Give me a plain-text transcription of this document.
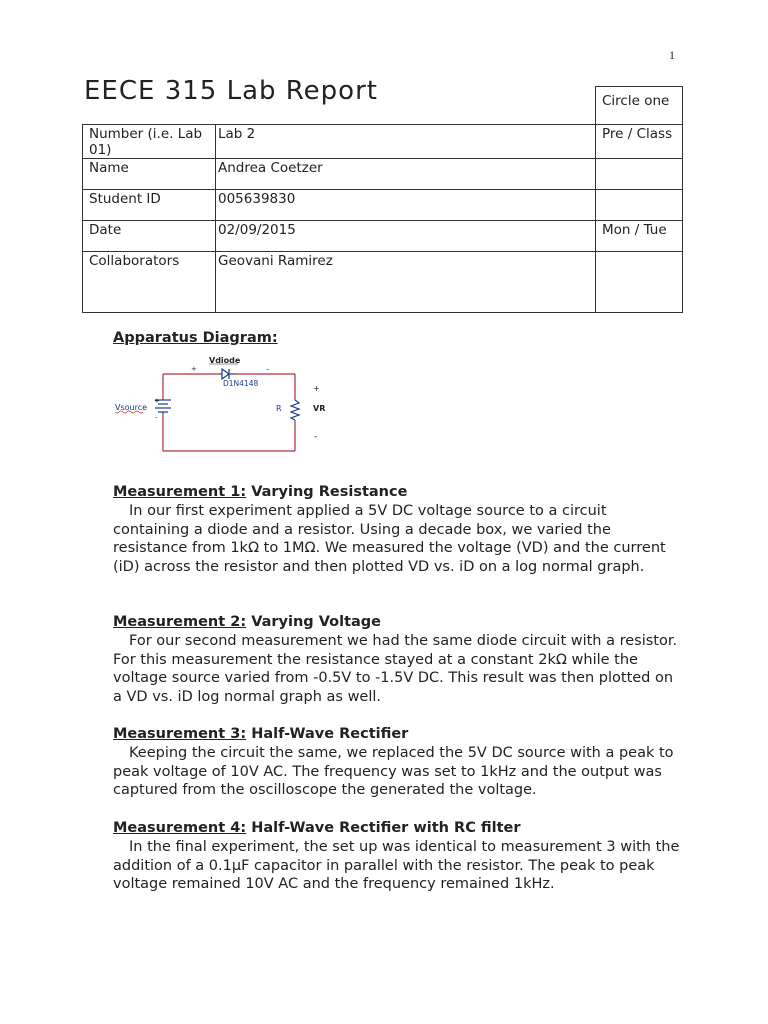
1
EECE 315 Lab Report
			Circle one
Number (i.e. Lab 01)	Lab 2	Pre / Class
Name	Andrea Coetzer	
Student ID	005639830	
Date	02/09/2015	Mon / Tue
Collaborators	Geovani Ramirez	
Apparatus Diagram:
Vdiode
+	–
D1N4148
Vsource
+
-
R
+
VR
-
Measurement 1: Varying Resistance
In our first experiment applied a 5V DC voltage source to a circuit containing a diode and a resistor. Using a decade box, we varied the resistance from 1kΩ to 1MΩ. We measured the voltage (VD) and the current (iD) across the resistor and then plotted VD vs. iD on a log normal graph.
Measurement 2: Varying Voltage
For our second measurement we had the same diode circuit with a resistor. For this measurement the resistance stayed at a constant 2kΩ while the voltage source varied from -0.5V to -1.5V DC. This result was then plotted on a VD vs. iD log normal graph as well.
Measurement 3: Half-Wave Rectifier
Keeping the circuit the same, we replaced the 5V DC source with a peak to peak voltage of 10V AC. The frequency was set to 1kHz and the output was captured from the oscilloscope the generated the voltage.
Measurement 4: Half-Wave Rectifier with RC filter
In the final experiment, the set up was identical to measurement 3 with the addition of a 0.1μF capacitor in parallel with the resistor. The peak to peak voltage remained 10V AC and the frequency remained 1kHz.
